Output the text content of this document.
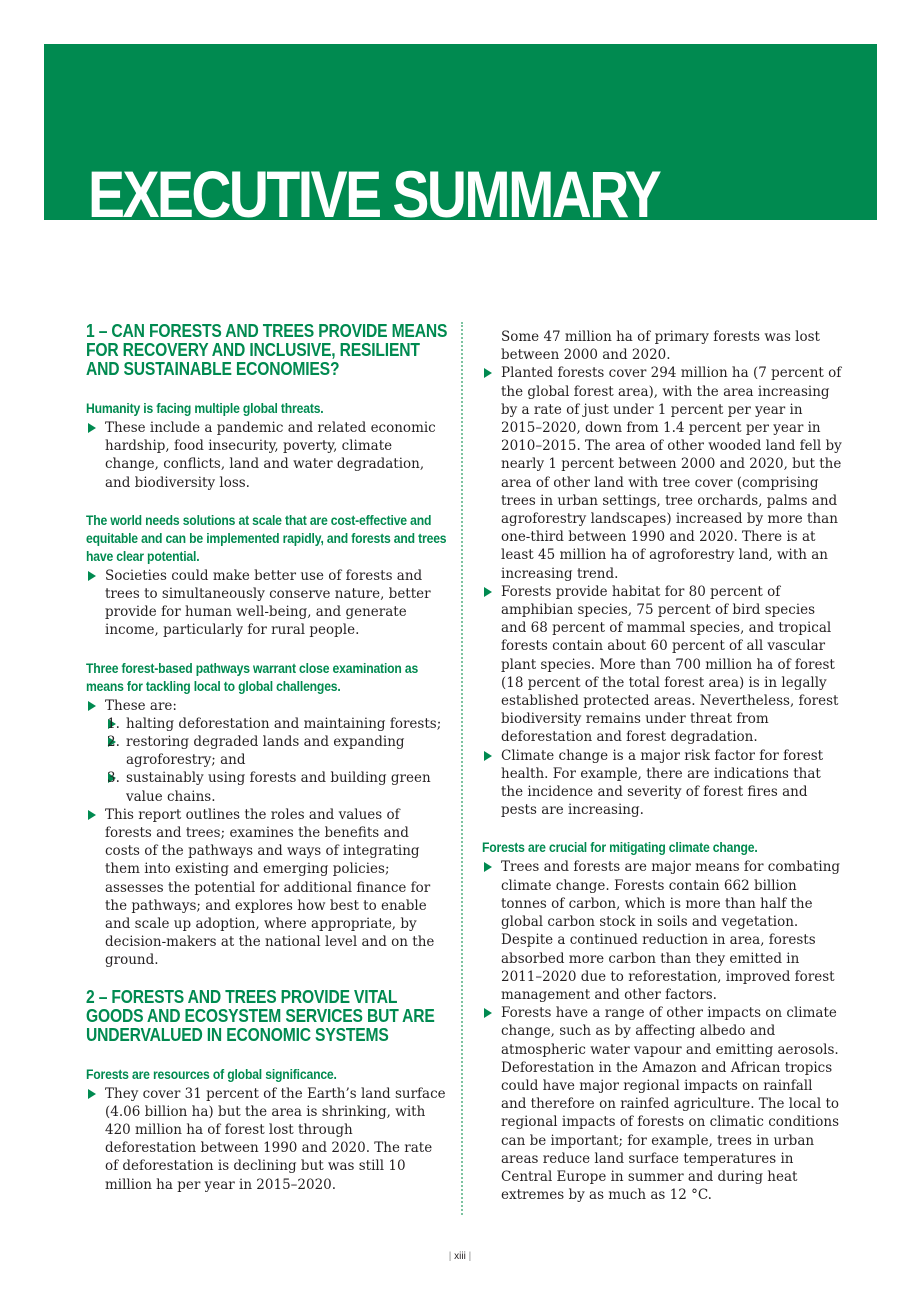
EXECUTIVE SUMMARY
1 – CAN FORESTS AND TREES PROVIDE MEANS FOR RECOVERY AND INCLUSIVE, RESILIENT AND SUSTAINABLE ECONOMIES?
Humanity is facing multiple global threats.
These include a pandemic and related economic hardship, food insecurity, poverty, climate change, conflicts, land and water degradation, and biodiversity loss.
The world needs solutions at scale that are cost-effective and equitable and can be implemented rapidly, and forests and trees have clear potential.
Societies could make better use of forests and trees to simultaneously conserve nature, better provide for human well-being, and generate income, particularly for rural people.
Three forest-based pathways warrant close examination as means for tackling local to global challenges.
These are:
1. halting deforestation and maintaining forests;
2. restoring degraded lands and expanding agroforestry; and
3. sustainably using forests and building green value chains.
This report outlines the roles and values of forests and trees; examines the benefits and costs of the pathways and ways of integrating them into existing and emerging policies; assesses the potential for additional finance for the pathways; and explores how best to enable and scale up adoption, where appropriate, by decision-makers at the national level and on the ground.
2 – FORESTS AND TREES PROVIDE VITAL GOODS AND ECOSYSTEM SERVICES BUT ARE UNDERVALUED IN ECONOMIC SYSTEMS
Forests are resources of global significance.
They cover 31 percent of the Earth’s land surface (4.06 billion ha) but the area is shrinking, with 420 million ha of forest lost through deforestation between 1990 and 2020. The rate of deforestation is declining but was still 10 million ha per year in 2015–2020.
Some 47 million ha of primary forests was lost between 2000 and 2020.
Planted forests cover 294 million ha (7 percent of the global forest area), with the area increasing by a rate of just under 1 percent per year in 2015–2020, down from 1.4 percent per year in 2010–2015. The area of other wooded land fell by nearly 1 percent between 2000 and 2020, but the area of other land with tree cover (comprising trees in urban settings, tree orchards, palms and agroforestry landscapes) increased by more than one-third between 1990 and 2020. There is at least 45 million ha of agroforestry land, with an increasing trend.
Forests provide habitat for 80 percent of amphibian species, 75 percent of bird species and 68 percent of mammal species, and tropical forests contain about 60 percent of all vascular plant species. More than 700 million ha of forest (18 percent of the total forest area) is in legally established protected areas. Nevertheless, forest biodiversity remains under threat from deforestation and forest degradation.
Climate change is a major risk factor for forest health. For example, there are indications that the incidence and severity of forest fires and pests are increasing.
Forests are crucial for mitigating climate change.
Trees and forests are major means for combating climate change. Forests contain 662 billion tonnes of carbon, which is more than half the global carbon stock in soils and vegetation. Despite a continued reduction in area, forests absorbed more carbon than they emitted in 2011–2020 due to reforestation, improved forest management and other factors.
Forests have a range of other impacts on climate change, such as by affecting albedo and atmospheric water vapour and emitting aerosols. Deforestation in the Amazon and African tropics could have major regional impacts on rainfall and therefore on rainfed agriculture. The local to regional impacts of forests on climatic conditions can be important; for example, trees in urban areas reduce land surface temperatures in Central Europe in summer and during heat extremes by as much as 12 °C.
| xiii |
